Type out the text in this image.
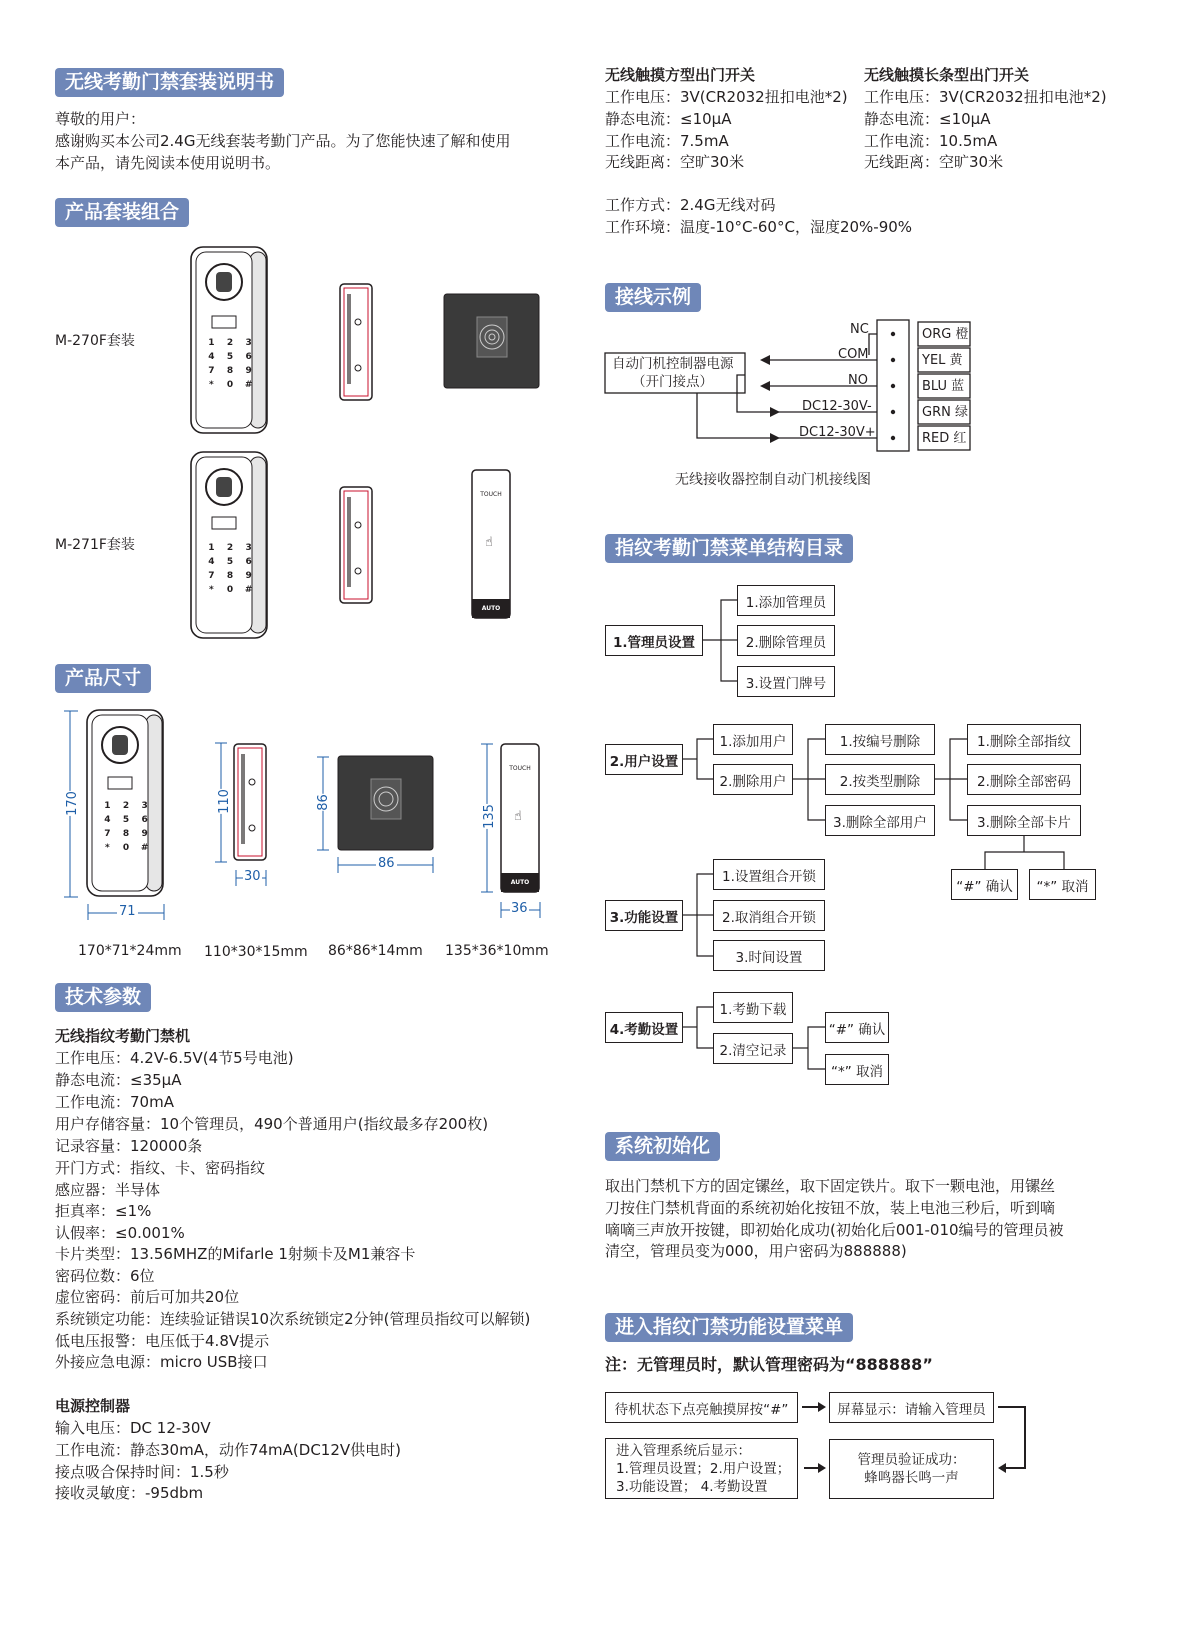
无线考勤门禁套装说明书
尊敬的用户：
感谢购买本公司2.4G无线套装考勤门产品。为了您能快速了解和使用
本产品，请先阅读本使用说明书。
产品套装组合
M-270F套装
M-271F套装
1	2	3
4	5	6
7	8	9
*	0	#
1	2	3
4	5	6
7	8	9
*	0	#
TOUCH
☝
AUTO
产品尺寸
1	2	3
4	5	6
7	8	9
*	0	#
170
71
110
30
86
86
135
36
TOUCH
☝
AUTO
170*71*24mm 110*30*15mm 86*86*14mm 135*36*10mm
技术参数
无线指纹考勤门禁机
工作电压：4.2V-6.5V(4节5号电池)
静态电流：≤35μA
工作电流：70mA
用户存储容量：10个管理员，490个普通用户(指纹最多存200枚)
记录容量：120000条
开门方式：指纹、卡、密码指纹
感应器：半导体
拒真率：≤1%
认假率：≤0.001%
卡片类型：13.56MHZ的Mifarle 1射频卡及M1兼容卡
密码位数：6位
虚位密码：前后可加共20位
系统锁定功能：连续验证错误10次系统锁定2分钟(管理员指纹可以解锁)
低电压报警：电压低于4.8V提示
外接应急电源：micro USB接口
电源控制器
输入电压：DC 12-30V
工作电流：静态30mA，动作74mA(DC12V供电时)
接点吸合保持时间：1.5秒
接收灵敏度：-95dbm
无线触摸方型出门开关
工作电压：3V(CR2032扭扣电池*2)
静态电流：≤10μA
工作电流：7.5mA
无线距离：空旷30米
无线触摸长条型出门开关
工作电压：3V(CR2032扭扣电池*2)
静态电流：≤10μA
工作电流：10.5mA
无线距离：空旷30米
工作方式：2.4G无线对码
工作环境：温度-10°C-60°C，湿度20%-90%
接线示例
自动门机控制器电源
（开门接点）
NC
COM
NO
DC12-30V-
DC12-30V+
ORG 橙
YEL 黄
BLU 蓝
GRN 绿
RED 红
无线接收器控制自动门机接线图
指纹考勤门禁菜单结构目录
1.管理员设置
1.添加管理员
2.删除管理员
3.设置门牌号
2.用户设置
1.添加用户
2.删除用户
1.按编号删除
2.按类型删除
3.删除全部用户
1.删除全部指纹
2.删除全部密码
3.删除全部卡片
“#” 确认	“*” 取消
3.功能设置
1.设置组合开锁
2.取消组合开锁
3.时间设置
4.考勤设置
1.考勤下载
2.清空记录
“#” 确认
“*” 取消
系统初始化
取出门禁机下方的固定镙丝，取下固定铁片。取下一颗电池，用镙丝
刀按住门禁机背面的系统初始化按钮不放，装上电池三秒后，听到嘀
嘀嘀三声放开按键，即初始化成功(初始化后001-010编号的管理员被
清空，管理员变为000，用户密码为888888)
进入指纹门禁功能设置菜单
注：无管理员时，默认管理密码为“888888”
待机状态下点亮触摸屏按“#”	屏幕显示：请输入管理员
进入管理系统后显示：
1.管理员设置；2.用户设置；
3.功能设置； 4.考勤设置
管理员验证成功：
蜂鸣器长鸣一声
